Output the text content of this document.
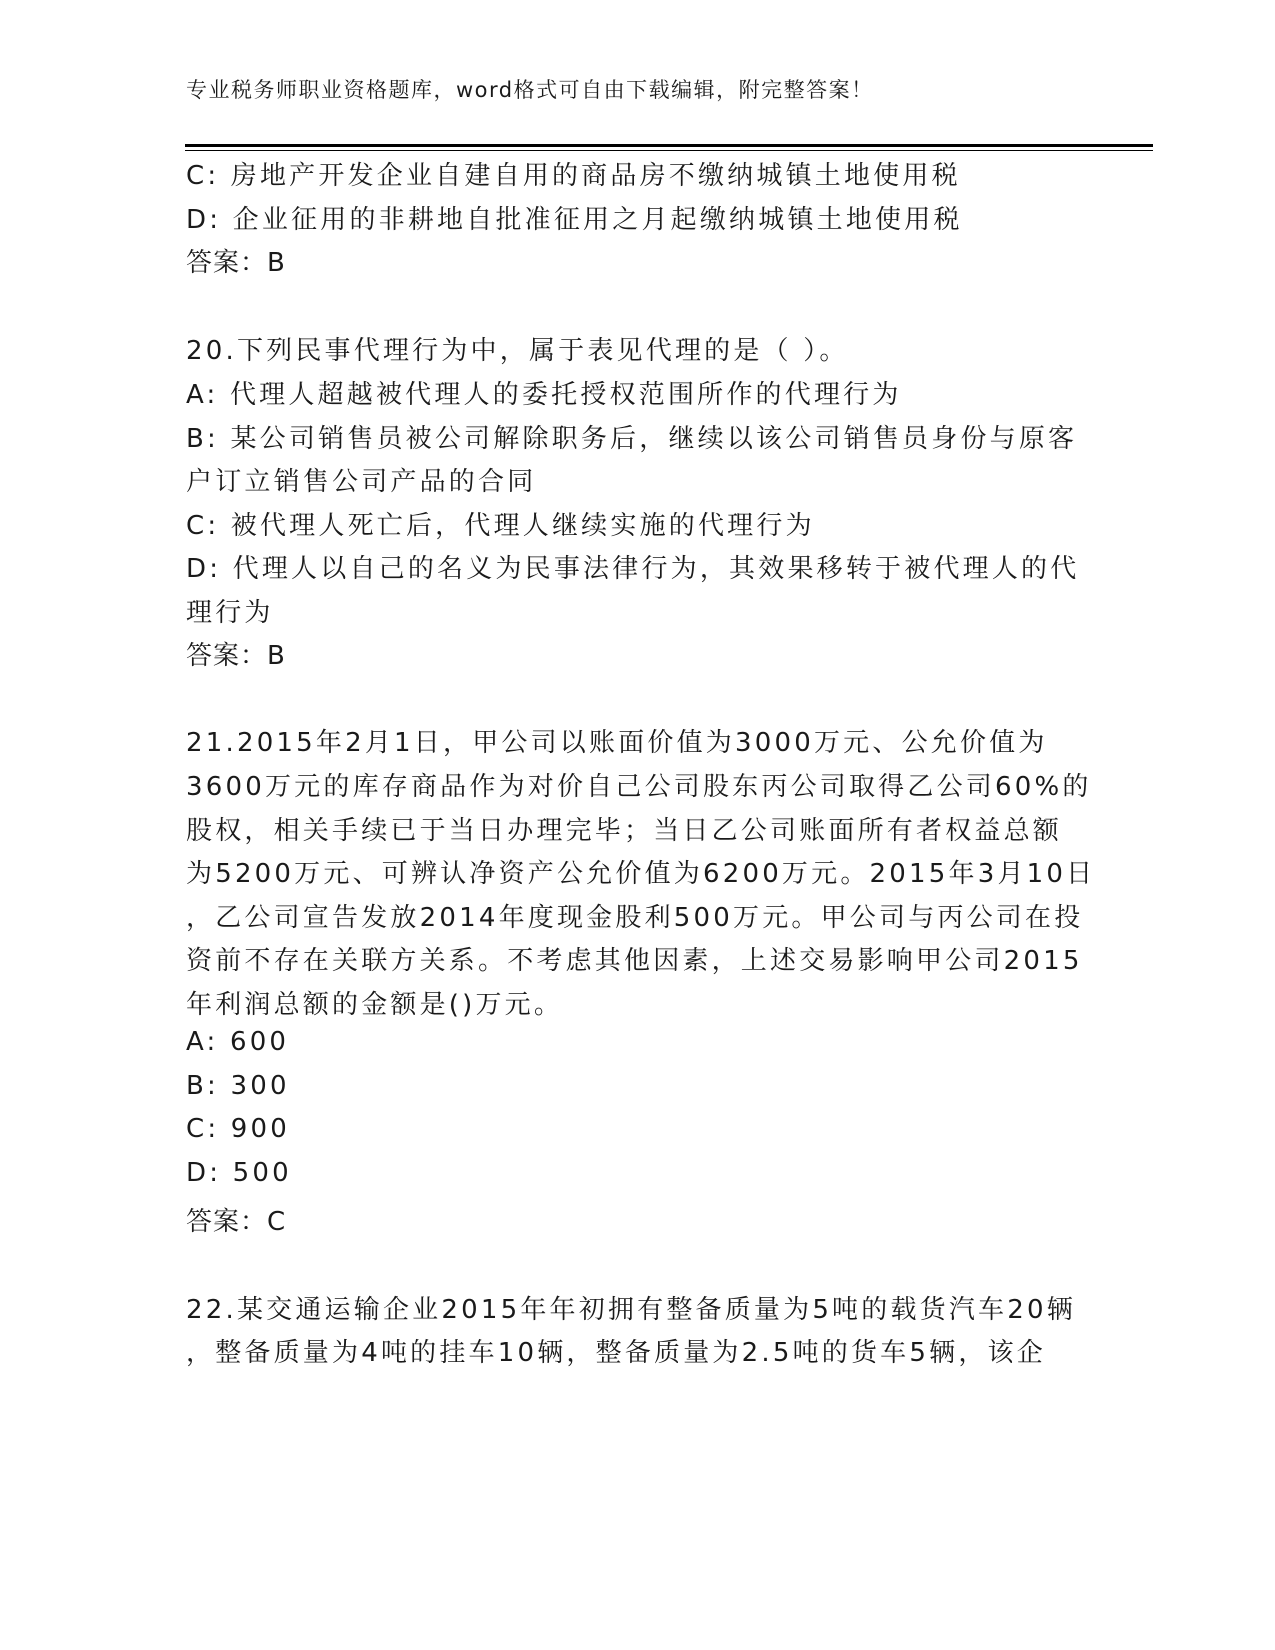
专业税务师职业资格题库，word格式可自由下载编辑，附完整答案！
C: 房地产开发企业自建自用的商品房不缴纳城镇土地使用税
D: 企业征用的非耕地自批准征用之月起缴纳城镇土地使用税
答案：B
20.下列民事代理行为中，属于表见代理的是（ ）。
A: 代理人超越被代理人的委托授权范围所作的代理行为
B: 某公司销售员被公司解除职务后，继续以该公司销售员身份与原客
户订立销售公司产品的合同
C: 被代理人死亡后，代理人继续实施的代理行为
D: 代理人以自己的名义为民事法律行为，其效果移转于被代理人的代
理行为
答案：B
21.2015年2月1日，甲公司以账面价值为3000万元、公允价值为
3600万元的库存商品作为对价自己公司股东丙公司取得乙公司60%的
股权，相关手续已于当日办理完毕；当日乙公司账面所有者权益总额
为5200万元、可辨认净资产公允价值为6200万元。2015年3月10日
，乙公司宣告发放2014年度现金股利500万元。甲公司与丙公司在投
资前不存在关联方关系。不考虑其他因素，上述交易影响甲公司2015
年利润总额的金额是()万元。
A: 600
B: 300
C: 900
D: 500
答案：C
22.某交通运输企业2015年年初拥有整备质量为5吨的载货汽车20辆
，整备质量为4吨的挂车10辆，整备质量为2.5吨的货车5辆，该企
